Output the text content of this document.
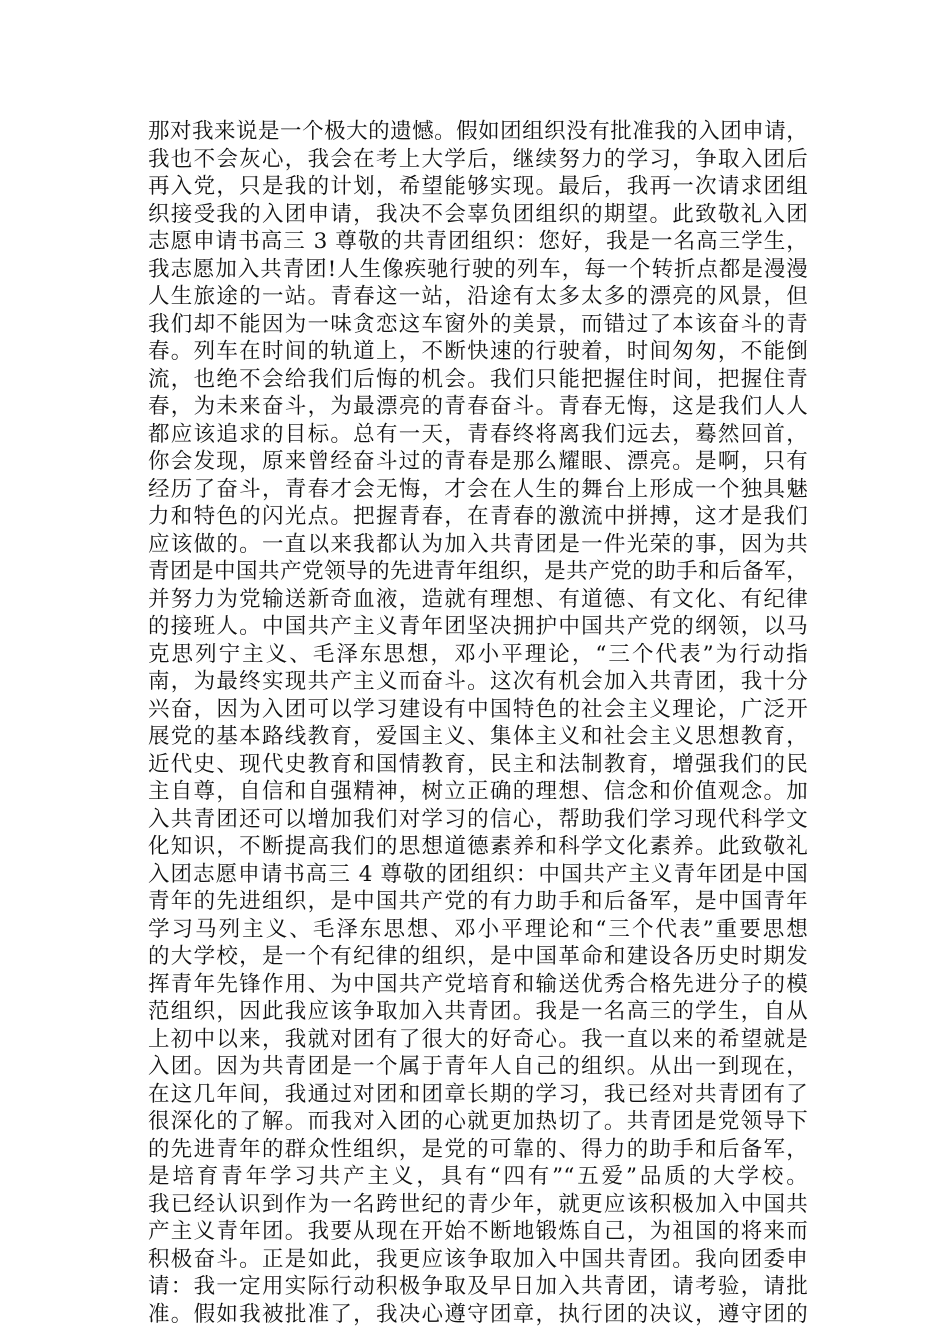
那对我来说是一个极大的遗憾。假如团组织没有批准我的入团申请，
我也不会灰心，我会在考上大学后，继续努力的学习，争取入团后
再入党，只是我的计划，希望能够实现。最后，我再一次请求团组
织接受我的入团申请，我决不会辜负团组织的期望。此致敬礼入团
志愿申请书高三 3 尊敬的共青团组织：您好，我是一名高三学生，
我志愿加入共青团!人生像疾驰行驶的列车，每一个转折点都是漫漫
人生旅途的一站。青春这一站，沿途有太多太多的漂亮的风景，但
我们却不能因为一味贪恋这车窗外的美景，而错过了本该奋斗的青
春。列车在时间的轨道上，不断快速的行驶着，时间匆匆，不能倒
流，也绝不会给我们后悔的机会。我们只能把握住时间，把握住青
春，为未来奋斗，为最漂亮的青春奋斗。青春无悔，这是我们人人
都应该追求的目标。总有一天，青春终将离我们远去，蓦然回首，
你会发现，原来曾经奋斗过的青春是那么耀眼、漂亮。是啊，只有
经历了奋斗，青春才会无悔，才会在人生的舞台上形成一个独具魅
力和特色的闪光点。把握青春，在青春的激流中拼搏，这才是我们
应该做的。一直以来我都认为加入共青团是一件光荣的事，因为共
青团是中国共产党领导的先进青年组织，是共产党的助手和后备军，
并努力为党输送新奇血液，造就有理想、有道德、有文化、有纪律
的接班人。中国共产主义青年团坚决拥护中国共产党的纲领，以马
克思列宁主义、毛泽东思想，邓小平理论，“三个代表”为行动指
南，为最终实现共产主义而奋斗。这次有机会加入共青团，我十分
兴奋，因为入团可以学习建设有中国特色的社会主义理论，广泛开
展党的基本路线教育，爱国主义、集体主义和社会主义思想教育，
近代史、现代史教育和国情教育，民主和法制教育，增强我们的民
主自尊，自信和自强精神，树立正确的理想、信念和价值观念。加
入共青团还可以增加我们对学习的信心，帮助我们学习现代科学文
化知识，不断提高我们的思想道德素养和科学文化素养。此致敬礼
入团志愿申请书高三 4 尊敬的团组织：中国共产主义青年团是中国
青年的先进组织，是中国共产党的有力助手和后备军，是中国青年
学习马列主义、毛泽东思想、邓小平理论和“三个代表”重要思想
的大学校，是一个有纪律的组织，是中国革命和建设各历史时期发
挥青年先锋作用、为中国共产党培育和输送优秀合格先进分子的模
范组织，因此我应该争取加入共青团。我是一名高三的学生，自从
上初中以来，我就对团有了很大的好奇心。我一直以来的希望就是
入团。因为共青团是一个属于青年人自己的组织。从出一到现在，
在这几年间，我通过对团和团章长期的学习，我已经对共青团有了
很深化的了解。而我对入团的心就更加热切了。共青团是党领导下
的先进青年的群众性组织，是党的可靠的、得力的助手和后备军，
是培育青年学习共产主义，具有“四有”“五爱”品质的大学校。
我已经认识到作为一名跨世纪的青少年，就更应该积极加入中国共
产主义青年团。我要从现在开始不断地锻炼自己，为祖国的将来而
积极奋斗。正是如此，我更应该争取加入中国共青团。我向团委申
请：我一定用实际行动积极争取及早日加入共青团，请考验，请批
准。假如我被批准了，我决心遵守团章，执行团的决议，遵守团的
